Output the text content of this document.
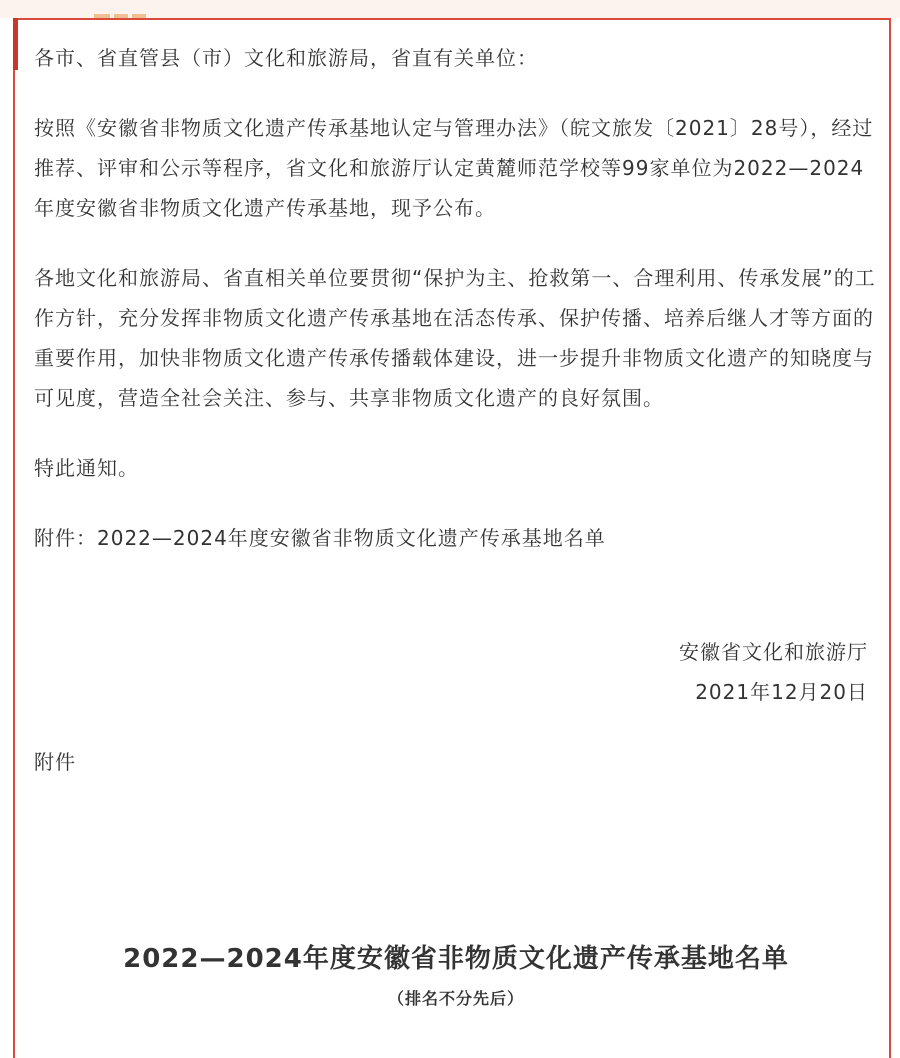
各市、省直管县（市）文化和旅游局，省直有关单位：

按照《安徽省非物质文化遗产传承基地认定与管理办法》（皖文旅发〔2021〕28号），经过推荐、评审和公示等程序，省文化和旅游厅认定黄麓师范学校等99家单位为2022—2024年度安徽省非物质文化遗产传承基地，现予公布。

各地文化和旅游局、省直相关单位要贯彻“保护为主、抢救第一、合理利用、传承发展”的工作方针，充分发挥非物质文化遗产传承基地在活态传承、保护传播、培养后继人才等方面的重要作用，加快非物质文化遗产传承传播载体建设，进一步提升非物质文化遗产的知晓度与可见度，营造全社会关注、参与、共享非物质文化遗产的良好氛围。

特此通知。

附件：2022—2024年度安徽省非物质文化遗产传承基地名单

安徽省文化和旅游厅

2021年12月20日

附件

2022—2024年度安徽省非物质文化遗产传承基地名单
（排名不分先后）
